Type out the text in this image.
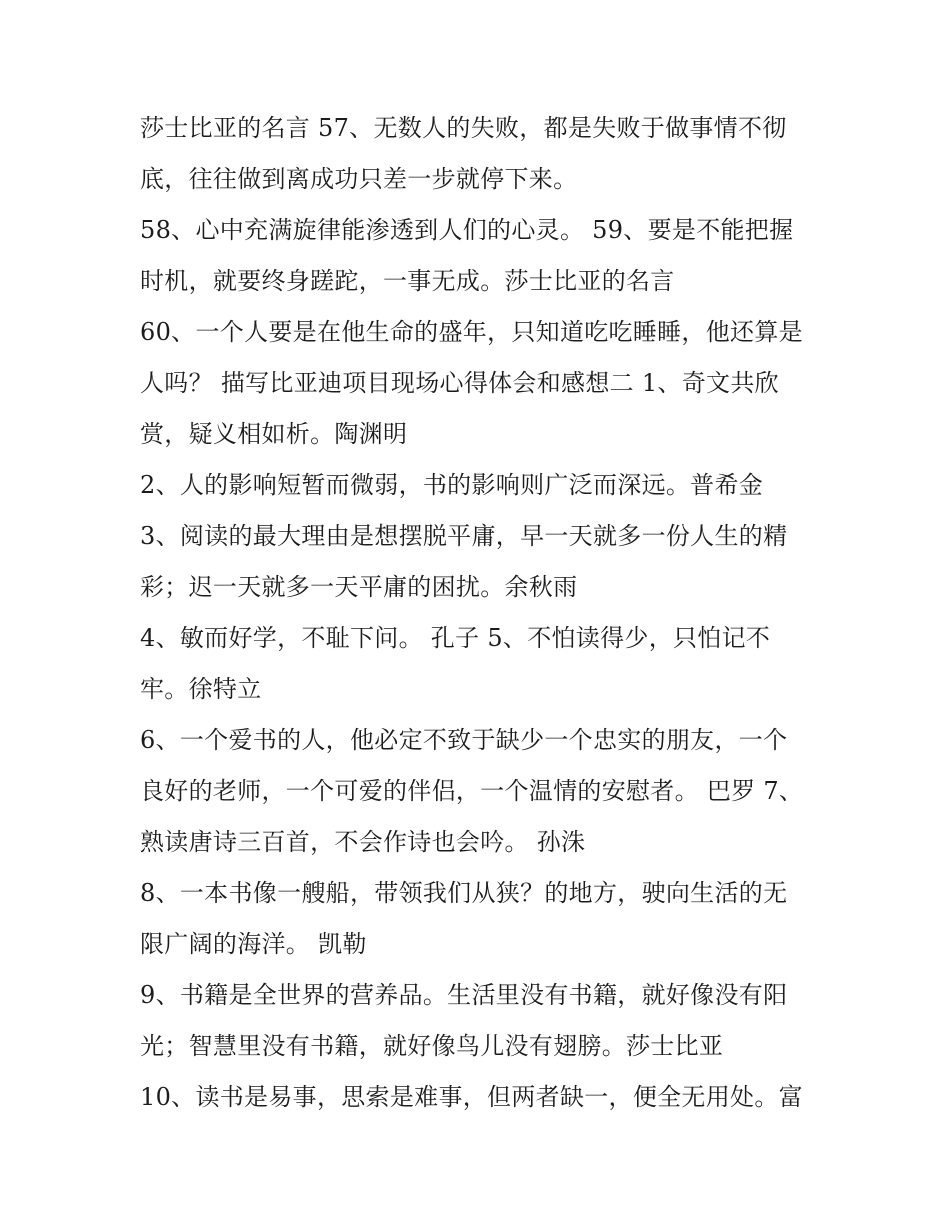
莎士比亚的名言 57、无数人的失败，都是失败于做事情不彻

底，往往做到离成功只差一步就停下来。

58、心中充满旋律能渗透到人们的心灵。 59、要是不能把握

时机，就要终身蹉跎，一事无成。莎士比亚的名言

60、一个人要是在他生命的盛年，只知道吃吃睡睡，他还算是

人吗？ 描写比亚迪项目现场心得体会和感想二 1、奇文共欣

赏，疑义相如析。陶渊明

2、人的影响短暂而微弱，书的影响则广泛而深远。普希金

3、阅读的最大理由是想摆脱平庸，早一天就多一份人生的精

彩；迟一天就多一天平庸的困扰。余秋雨

4、敏而好学，不耻下问。 孔子 5、不怕读得少，只怕记不

牢。徐特立

6、一个爱书的人，他必定不致于缺少一个忠实的朋友，一个

良好的老师，一个可爱的伴侣，一个温情的安慰者。 巴罗 7、

熟读唐诗三百首，不会作诗也会吟。 孙洙

8、一本书像一艘船，带领我们从狭？的地方，驶向生活的无

限广阔的海洋。 凯勒

9、书籍是全世界的营养品。生活里没有书籍，就好像没有阳

光；智慧里没有书籍，就好像鸟儿没有翅膀。莎士比亚

10、读书是易事，思索是难事，但两者缺一，便全无用处。富
